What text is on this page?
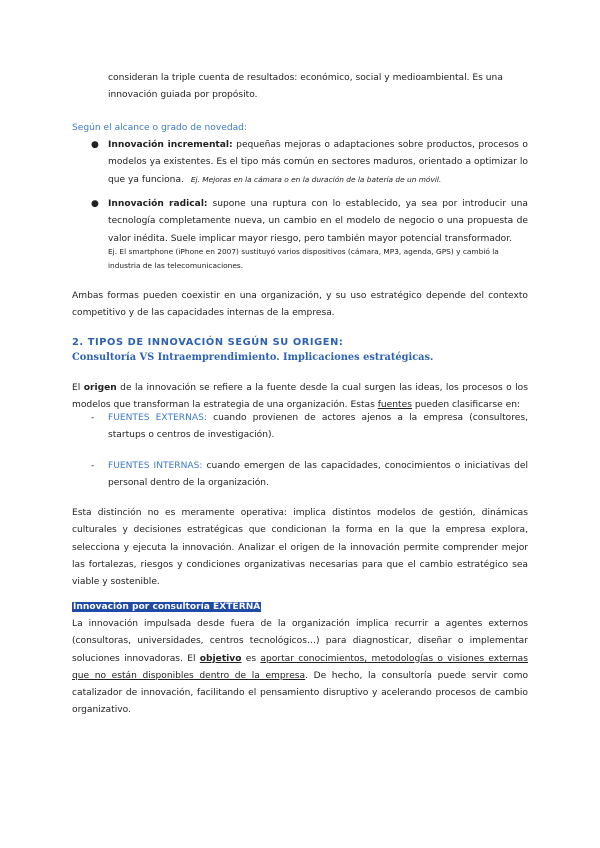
consideran la triple cuenta de resultados: económico, social y medioambiental. Es una

innovación guiada por propósito.

Según el alcance o grado de novedad:

● Innovación incremental: pequeñas mejoras o adaptaciones sobre productos, procesos o modelos ya existentes. Es el tipo más común en sectores maduros, orientado a optimizar lo que ya funciona. Ej. Mejoras en la cámara o en la duración de la batería de un móvil.

● Innovación radical: supone una ruptura con lo establecido, ya sea por introducir una tecnología completamente nueva, un cambio en el modelo de negocio o una propuesta de valor inédita. Suele implicar mayor riesgo, pero también mayor potencial transformador.

Ej. El smartphone (iPhone en 2007) sustituyó varios dispositivos (cámara, MP3, agenda, GPS) y cambió la industria de las telecomunicaciones.

Ambas formas pueden coexistir en una organización, y su uso estratégico depende del contexto competitivo y de las capacidades internas de la empresa.

2. TIPOS DE INNOVACIÓN SEGÚN SU ORIGEN:

Consultoría VS Intraemprendimiento. Implicaciones estratégicas.

El origen de la innovación se refiere a la fuente desde la cual surgen las ideas, los procesos o los modelos que transforman la estrategia de una organización. Estas fuentes pueden clasificarse en:

- FUENTES EXTERNAS: cuando provienen de actores ajenos a la empresa (consultores, startups o centros de investigación).

- FUENTES INTERNAS: cuando emergen de las capacidades, conocimientos o iniciativas del personal dentro de la organización.

Esta distinción no es meramente operativa: implica distintos modelos de gestión, dinámicas culturales y decisiones estratégicas que condicionan la forma en la que la empresa explora, selecciona y ejecuta la innovación. Analizar el origen de la innovación permite comprender mejor las fortalezas, riesgos y condiciones organizativas necesarias para que el cambio estratégico sea viable y sostenible.

Innovación por consultoría EXTERNA

La innovación impulsada desde fuera de la organización implica recurrir a agentes externos (consultoras, universidades, centros tecnológicos…) para diagnosticar, diseñar o implementar soluciones innovadoras. El objetivo es aportar conocimientos, metodologías o visiones externas que no están disponibles dentro de la empresa. De hecho, la consultoría puede servir como catalizador de innovación, facilitando el pensamiento disruptivo y acelerando procesos de cambio organizativo.
